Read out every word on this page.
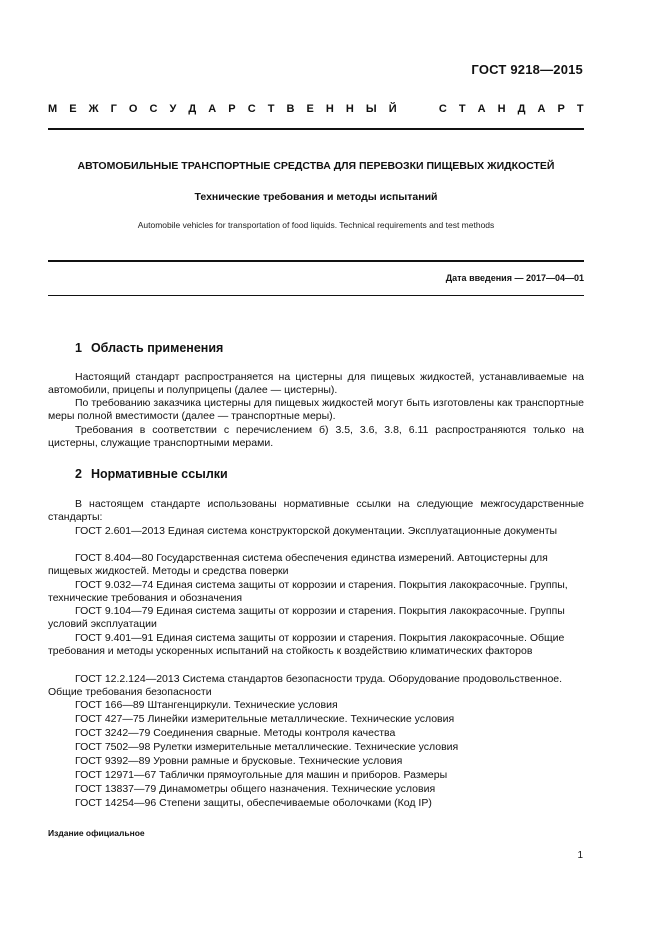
ГОСТ 9218—2015
М Е Ж Г О С У Д А Р С Т В Е Н Н Ы Й

	С Т А Н Д А Р Т
АВТОМОБИЛЬНЫЕ ТРАНСПОРТНЫЕ СРЕДСТВА ДЛЯ ПЕРЕВОЗКИ ПИЩЕВЫХ ЖИДКОСТЕЙ
Технические требования и методы испытаний
Automobile vehicles for transportation of food liquids. Technical requirements and test methods
Дата введения — 2017—04—01
1 Область применения
Настоящий стандарт распространяется на цистерны для пищевых жидкостей, устанавливаемые на автомобили, прицепы и полуприцепы (далее — цистерны).
По требованию заказчика цистерны для пищевых жидкостей могут быть изготовлены как транспортные меры полной вместимости (далее — транспортные меры).
Требования в соответствии с перечислением б) 3.5, 3.6, 3.8, 6.11 распространяются только на цистерны, служащие транспортными мерами.
2 Нормативные ссылки
В настоящем стандарте использованы нормативные ссылки на следующие межгосударственные стандарты:
ГОСТ 2.601—2013 Единая система конструкторской документации. Эксплуатационные документы
ГОСТ 8.404—80 Государственная система обеспечения единства измерений. Автоцистерны для пищевых жидкостей. Методы и средства поверки
ГОСТ 9.032—74 Единая система защиты от коррозии и старения. Покрытия лакокрасочные. Группы, технические требования и обозначения
ГОСТ 9.104—79 Единая система защиты от коррозии и старения. Покрытия лакокрасочные. Группы условий эксплуатации
ГОСТ 9.401—91 Единая система защиты от коррозии и старения. Покрытия лакокрасочные. Общие требования и методы ускоренных испытаний на стойкость к воздействию климатических факторов
ГОСТ 12.2.124—2013 Система стандартов безопасности труда. Оборудование продовольственное. Общие требования безопасности
ГОСТ 166—89 Штангенциркули. Технические условия
ГОСТ 427—75 Линейки измерительные металлические. Технические условия
ГОСТ 3242—79 Соединения сварные. Методы контроля качества
ГОСТ 7502—98 Рулетки измерительные металлические. Технические условия
ГОСТ 9392—89 Уровни рамные и брусковые. Технические условия
ГОСТ 12971—67 Таблички прямоугольные для машин и приборов. Размеры
ГОСТ 13837—79 Динамометры общего назначения. Технические условия
ГОСТ 14254—96 Степени защиты, обеспечиваемые оболочками (Код IP)
Издание официальное
1
